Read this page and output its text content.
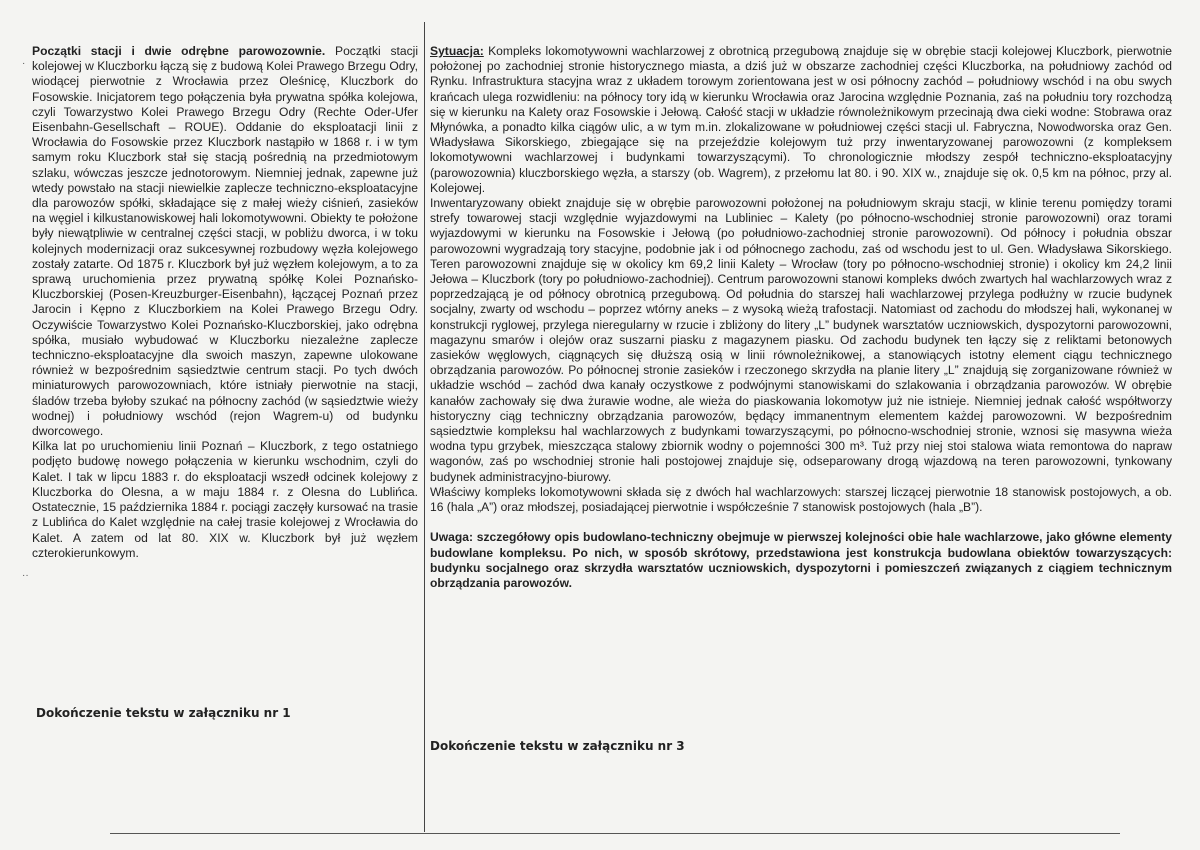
Początki stacji i dwie odrębne parowozownie. Początki stacji kolejowej w Kluczborku łączą się z budową Kolei Prawego Brzegu Odry, wiodącej pierwotnie z Wrocławia przez Oleśnicę, Kluczbork do Fosowskie. Inicjatorem tego połączenia była prywatna spółka kolejowa, czyli Towarzystwo Kolei Prawego Brzegu Odry (Rechte Oder-Ufer Eisenbahn-Gesellschaft – ROUE). Oddanie do eksploatacji linii z Wrocławia do Fosowskie przez Kluczbork nastąpiło w 1868 r. i w tym samym roku Kluczbork stał się stacją pośrednią na przedmiotowym szlaku, wówczas jeszcze jednotorowym. Niemniej jednak, zapewne już wtedy powstało na stacji niewielkie zaplecze techniczno-eksploatacyjne dla parowozów spółki, składające się z małej wieży ciśnień, zasieków na węgiel i kilkustanowiskowej hali lokomotywowni. Obiekty te położone były niewątpliwie w centralnej części stacji, w pobliżu dworca, i w toku kolejnych modernizacji oraz sukcesywnej rozbudowy węzła kolejowego zostały zatarte. Od 1875 r. Kluczbork był już węzłem kolejowym, a to za sprawą uruchomienia przez prywatną spółkę Kolei Poznańsko-Kluczborskiej (Posen-Kreuzburger-Eisenbahn), łączącej Poznań przez Jarocin i Kępno z Kluczborkiem na Kolei Prawego Brzegu Odry. Oczywiście Towarzystwo Kolei Poznańsko-Kluczborskiej, jako odrębna spółka, musiało wybudować w Kluczborku niezależne zaplecze techniczno-eksploatacyjne dla swoich maszyn, zapewne ulokowane również w bezpośrednim sąsiedztwie centrum stacji. Po tych dwóch miniaturowych parowozowniach, które istniały pierwotnie na stacji, śladów trzeba byłoby szukać na północny zachód (w sąsiedztwie wieży wodnej) i południowy wschód (rejon Wagrem-u) od budynku dworcowego.

Kilka lat po uruchomieniu linii Poznań – Kluczbork, z tego ostatniego podjęto budowę nowego połączenia w kierunku wschodnim, czyli do Kalet. I tak w lipcu 1883 r. do eksploatacji wszedł odcinek kolejowy z Kluczborka do Olesna, a w maju 1884 r. z Olesna do Lublińca. Ostatecznie, 15 października 1884 r. pociągi zaczęły kursować na trasie z Lublińca do Kalet względnie na całej trasie kolejowej z Wrocławia do Kalet. A zatem od lat 80. XIX w. Kluczbork był już węzłem czterokierunkowym.

Dokończenie tekstu w załączniku nr 1

Sytuacja: Kompleks lokomotywowni wachlarzowej z obrotnicą przegubową znajduje się w obrębie stacji kolejowej Kluczbork, pierwotnie położonej po zachodniej stronie historycznego miasta, a dziś już w obszarze zachodniej części Kluczborka, na południowy zachód od Rynku. Infrastruktura stacyjna wraz z układem torowym zorientowana jest w osi północny zachód – południowy wschód i na obu swych krańcach ulega rozwidleniu: na północy tory idą w kierunku Wrocławia oraz Jarocina względnie Poznania, zaś na południu tory rozchodzą się w kierunku na Kalety oraz Fosowskie i Jełową. Całość stacji w układzie równoleżnikowym przecinają dwa cieki wodne: Stobrawa oraz Młynówka, a ponadto kilka ciągów ulic, a w tym m.in. zlokalizowane w południowej części stacji ul. Fabryczna, Nowodworska oraz Gen. Władysława Sikorskiego, zbiegające się na przejeździe kolejowym tuż przy inwentaryzowanej parowozowni (z kompleksem lokomotywowni wachlarzowej i budynkami towarzyszącymi). To chronologicznie młodszy zespół techniczno-eksploatacyjny (parowozownia) kluczborskiego węzła, a starszy (ob. Wagrem), z przełomu lat 80. i 90. XIX w., znajduje się ok. 0,5 km na północ, przy al. Kolejowej.

Inwentaryzowany obiekt znajduje się w obrębie parowozowni położonej na południowym skraju stacji, w klinie terenu pomiędzy torami strefy towarowej stacji względnie wyjazdowymi na Lubliniec – Kalety (po północno-wschodniej stronie parowozowni) oraz torami wyjazdowymi w kierunku na Fosowskie i Jełową (po południowo-zachodniej stronie parowozowni). Od północy i południa obszar parowozowni wygradzają tory stacyjne, podobnie jak i od północnego zachodu, zaś od wschodu jest to ul. Gen. Władysława Sikorskiego. Teren parowozowni znajduje się w okolicy km 69,2 linii Kalety – Wrocław (tory po północno-wschodniej stronie) i okolicy km 24,2 linii Jełowa – Kluczbork (tory po południowo-zachodniej). Centrum parowozowni stanowi kompleks dwóch zwartych hal wachlarzowych wraz z poprzedzającą je od północy obrotnicą przegubową. Od południa do starszej hali wachlarzowej przylega podłużny w rzucie budynek socjalny, zwarty od wschodu – poprzez wtórny aneks – z wysoką wieżą trafostacji. Natomiast od zachodu do młodszej hali, wykonanej w konstrukcji ryglowej, przylega nieregularny w rzucie i zbliżony do litery „L” budynek warsztatów uczniowskich, dyspozytorni parowozowni, magazynu smarów i olejów oraz suszarni piasku z magazynem piasku. Od zachodu budynek ten łączy się z reliktami betonowych zasieków węglowych, ciągnących się dłuższą osią w linii równoleżnikowej, a stanowiących istotny element ciągu technicznego obrządzania parowozów. Po północnej stronie zasieków i rzeczonego skrzydła na planie litery „L” znajdują się zorganizowane również w układzie wschód – zachód dwa kanały oczystkowe z podwójnymi stanowiskami do szlakowania i obrządzania parowozów. W obrębie kanałów zachowały się dwa żurawie wodne, ale wieża do piaskowania lokomotyw już nie istnieje. Niemniej jednak całość współtworzy historyczny ciąg techniczny obrządzania parowozów, będący immanentnym elementem każdej parowozowni. W bezpośrednim sąsiedztwie kompleksu hal wachlarzowych z budynkami towarzyszącymi, po północno-wschodniej stronie, wznosi się masywna wieża wodna typu grzybek, mieszcząca stalowy zbiornik wodny o pojemności 300 m³. Tuż przy niej stoi stalowa wiata remontowa do napraw wagonów, zaś po wschodniej stronie hali postojowej znajduje się, odseparowany drogą wjazdową na teren parowozowni, tynkowany budynek administracyjno-biurowy.

Właściwy kompleks lokomotywowni składa się z dwóch hal wachlarzowych: starszej liczącej pierwotnie 18 stanowisk postojowych, a ob. 16 (hala „A”) oraz młodszej, posiadającej pierwotnie i współcześnie 7 stanowisk postojowych (hala „B”).

Uwaga: szczegółowy opis budowlano-techniczny obejmuje w pierwszej kolejności obie hale wachlarzowe, jako główne elementy budowlane kompleksu. Po nich, w sposób skrótowy, przedstawiona jest konstrukcja budowlana obiektów towarzyszących: budynku socjalnego oraz skrzydła warsztatów uczniowskich, dyspozytorni i pomieszczeń związanych z ciągiem technicznym obrządzania parowozów.

Dokończenie tekstu w załączniku nr 3
·
··
